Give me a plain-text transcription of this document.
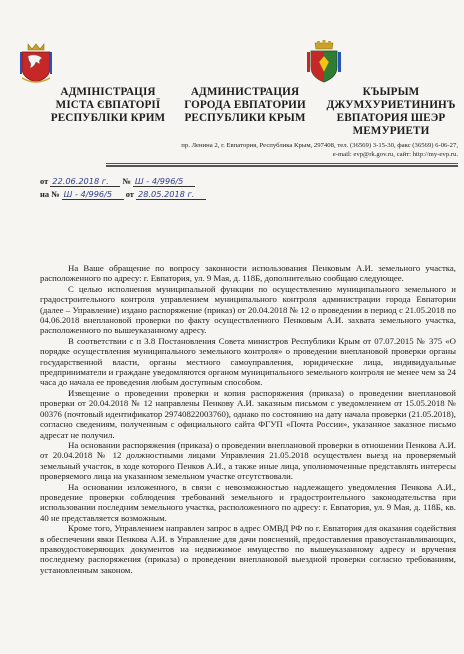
АДМІНІСТРАЦІЯ
МІСТА ЄВПАТОРІЇ
РЕСПУБЛІКИ КРИМ
АДМИНИСТРАЦИЯ
ГОРОДА ЕВПАТОРИИ
РЕСПУБЛИКИ КРЫМ
КЪЫРЫМ
ДЖУМХУРИЕТИНИНЪ
ЕВПАТОРИЯ ШЕЭР
МЕМУРИЕТИ
пр. Ленина 2, г. Евпатория, Республика Крым, 297408, тел. (36569) 3-15-30, факс (36569) 6-06-27,
e-mail: evp@rk.gov.ru, сайт: http://my-evp.ru.
от 22.06.2018 г. № Ш - 4/996/5
на № Ш - 4/996/5 от 28.05.2018 г.

На Ваше обращение по вопросу законности использования Пенковым А.И. земельного участка, расположенного по адресу: г. Евпатория, ул. 9 Мая, д. 118Б, дополнительно сообщаю следующее.

С целью исполнения муниципальной функции по осуществлению муниципального земельного и градостроительного контроля управлением муниципального контроля администрации города Евпатории (далее – Управление) издано распоряжение (приказ) от 20.04.2018 № 12 о проведении в период с 21.05.2018 по 04.06.2018 внеплановой проверки по факту осуществленного Пенковым А.И. захвата земельного участка, расположенного по вышеуказанному адресу.

В соответствии с п 3.8 Постановления Совета министров Республики Крым от 07.07.2015 № 375 «О порядке осуществления муниципального земельного контроля» о проведении внеплановой проверки органы государственной власти, органы местного самоуправления, юридические лица, индивидуальные предприниматели и граждане уведомляются органом муниципального земельного контроля не менее чем за 24 часа до начала ее проведения любым доступным способом.

Извещение о проведении проверки и копия распоряжения (приказа) о проведении внеплановой проверки от 20.04.2018 № 12 направлены Пенкову А.И. заказным письмом с уведомлением от 15.05.2018 № 00376 (почтовый идентификатор 29740822003760), однако по состоянию на дату начала проверки (21.05.2018), согласно сведениям, полученным с официального сайта ФГУП «Почта России», указанное заказное письмо адресат не получил.

На основании распоряжения (приказа) о проведении внеплановой проверки в отношении Пенкова А.И. от 20.04.2018 № 12 должностными лицами Управления 21.05.2018 осуществлен выезд на проверяемый земельный участок, в ходе которого Пенков А.И., а также иные лица, уполномоченные представлять интересы проверяемого лица на указанном земельном участке отсутствовали.

На основании изложенного, в связи с невозможностью надлежащего уведомления Пенкова А.И., проведение проверки соблюдения требований земельного и градостроительного законодательства при использовании последним земельного участка, расположенного по адресу: г. Евпатория, ул. 9 Мая, д. 118Б, кв. 40 не представляется возможным.

Кроме того, Управлением направлен запрос в адрес ОМВД РФ по г. Евпатория для оказания содействия в обеспечении явки Пенкова А.И. в Управление для дачи пояснений, предоставления правоустанавливающих, правоудостоверяющих документов на недвижимое имущество по вышеуказанному адресу и вручения последнему распоряжения (приказа) о проведении внеплановой выездной проверки согласно требованиям, установленным законом.
